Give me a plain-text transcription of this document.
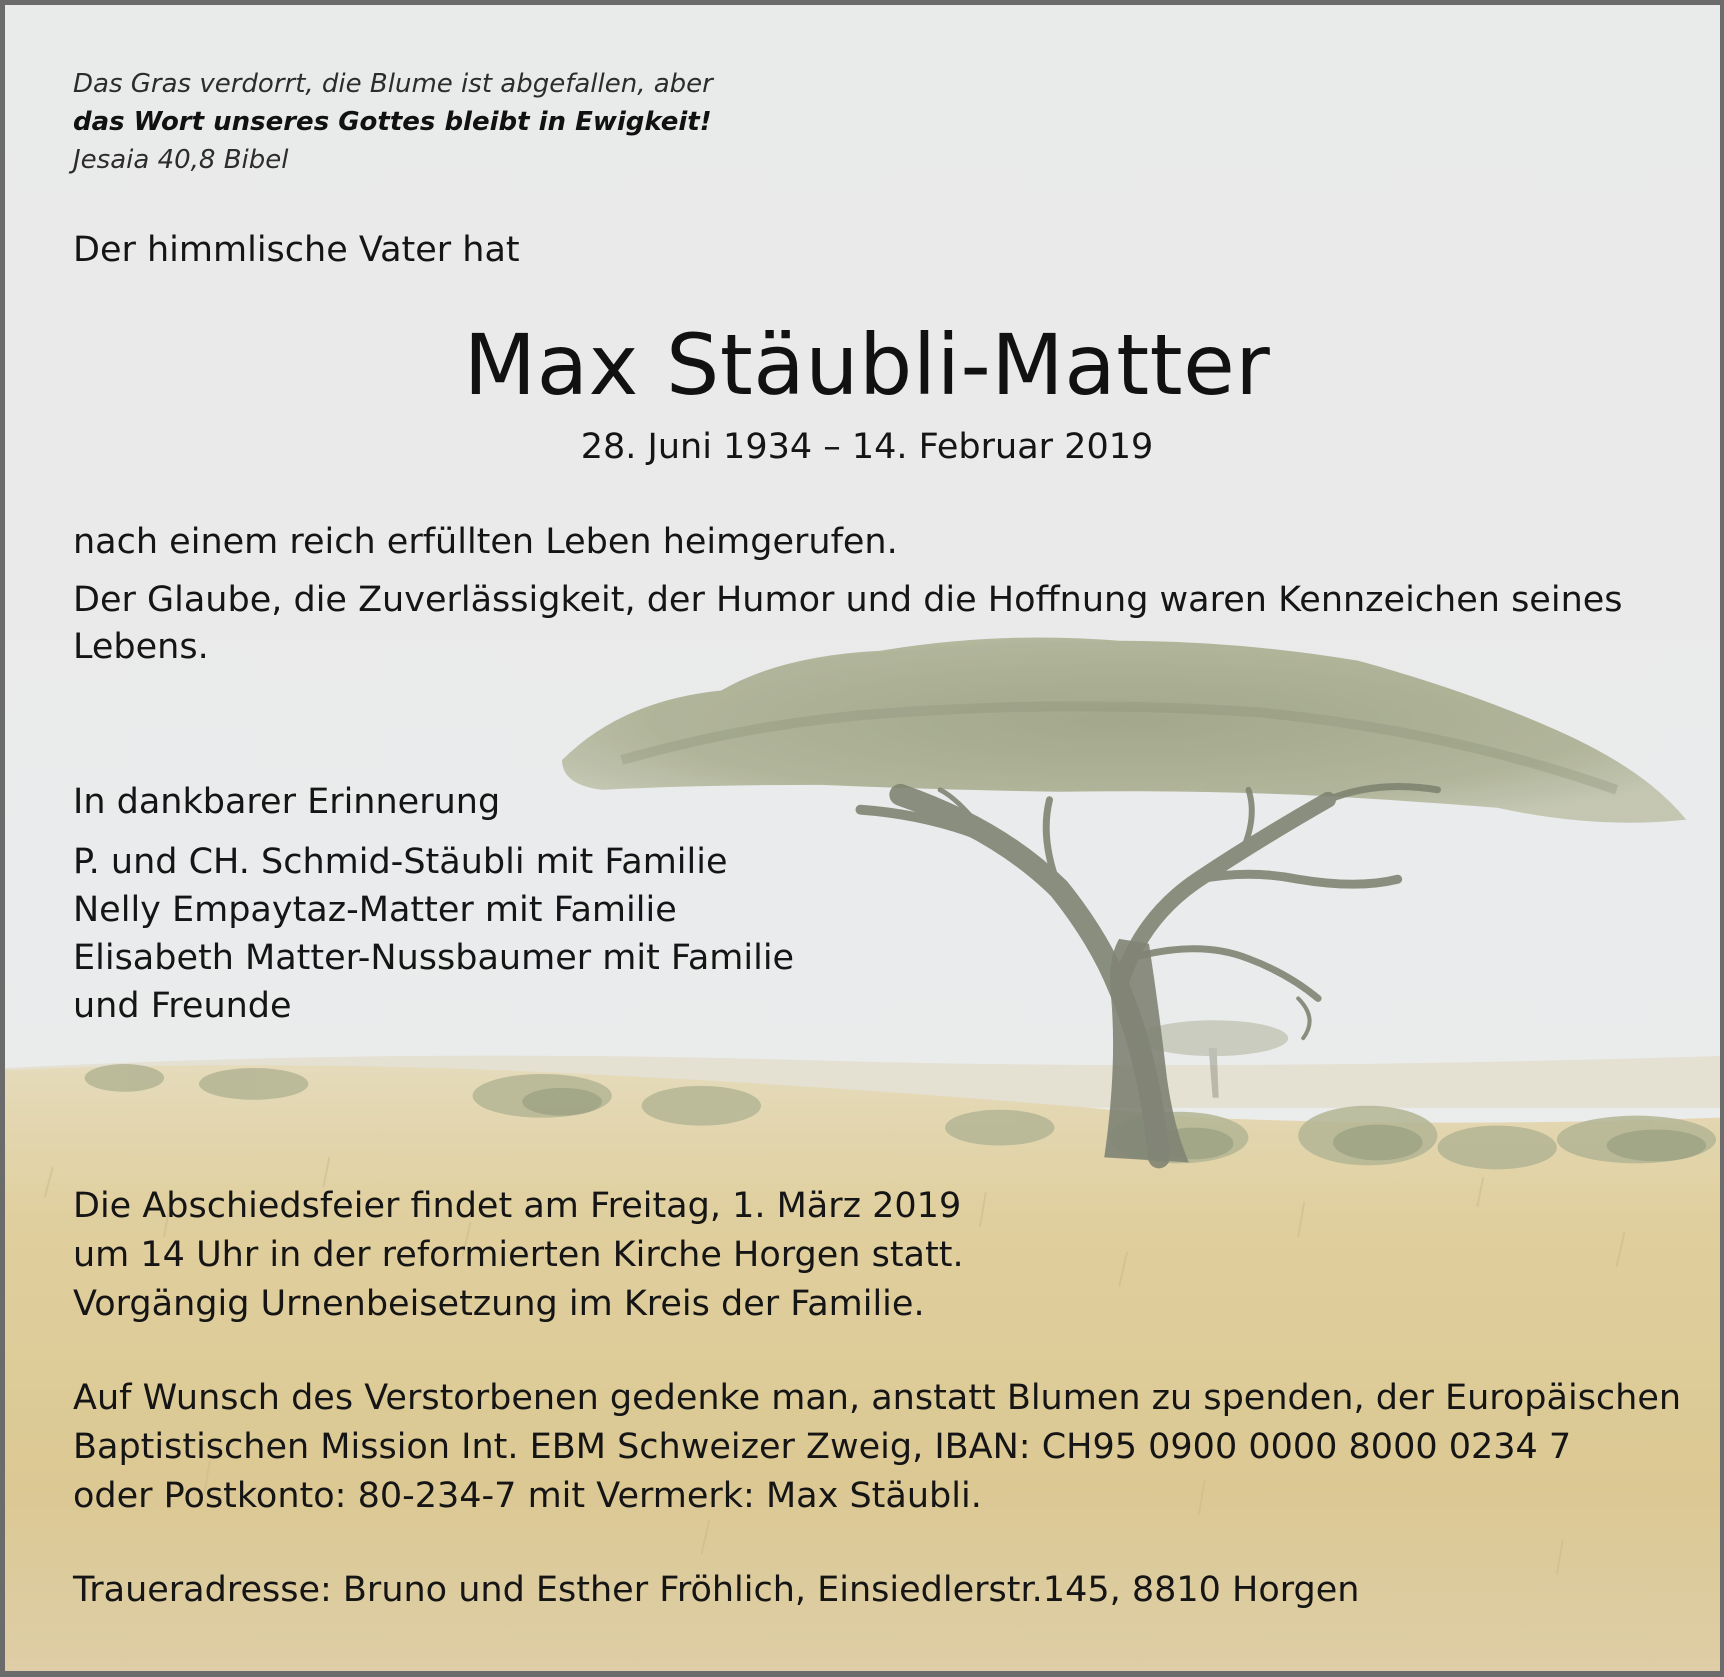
Das Gras verdorrt, die Blume ist abgefallen, aber
das Wort unseres Gottes bleibt in Ewigkeit!
Jesaia 40,8 Bibel
Der himmlische Vater hat
Max Stäubli-Matter
28. Juni 1934 – 14. Februar 2019
nach einem reich erfüllten Leben heimgerufen.
Der Glaube, die Zuverlässigkeit, der Humor und die Hoffnung waren Kennzeichen seines
Lebens.
In dankbarer Erinnerung
P. und CH. Schmid-Stäubli mit Familie
Nelly Empaytaz-Matter mit Familie
Elisabeth Matter-Nussbaumer mit Familie
und Freunde
Die Abschiedsfeier findet am Freitag, 1. März 2019
um 14 Uhr in der reformierten Kirche Horgen statt.
Vorgängig Urnenbeisetzung im Kreis der Familie.
Auf Wunsch des Verstorbenen gedenke man, anstatt Blumen zu spenden, der Europäischen
Baptistischen Mission Int. EBM Schweizer Zweig, IBAN: CH95 0900 0000 8000 0234 7
oder Postkonto: 80-234-7 mit Vermerk: Max Stäubli.
Traueradresse: Bruno und Esther Fröhlich, Einsiedlerstr.145, 8810 Horgen
